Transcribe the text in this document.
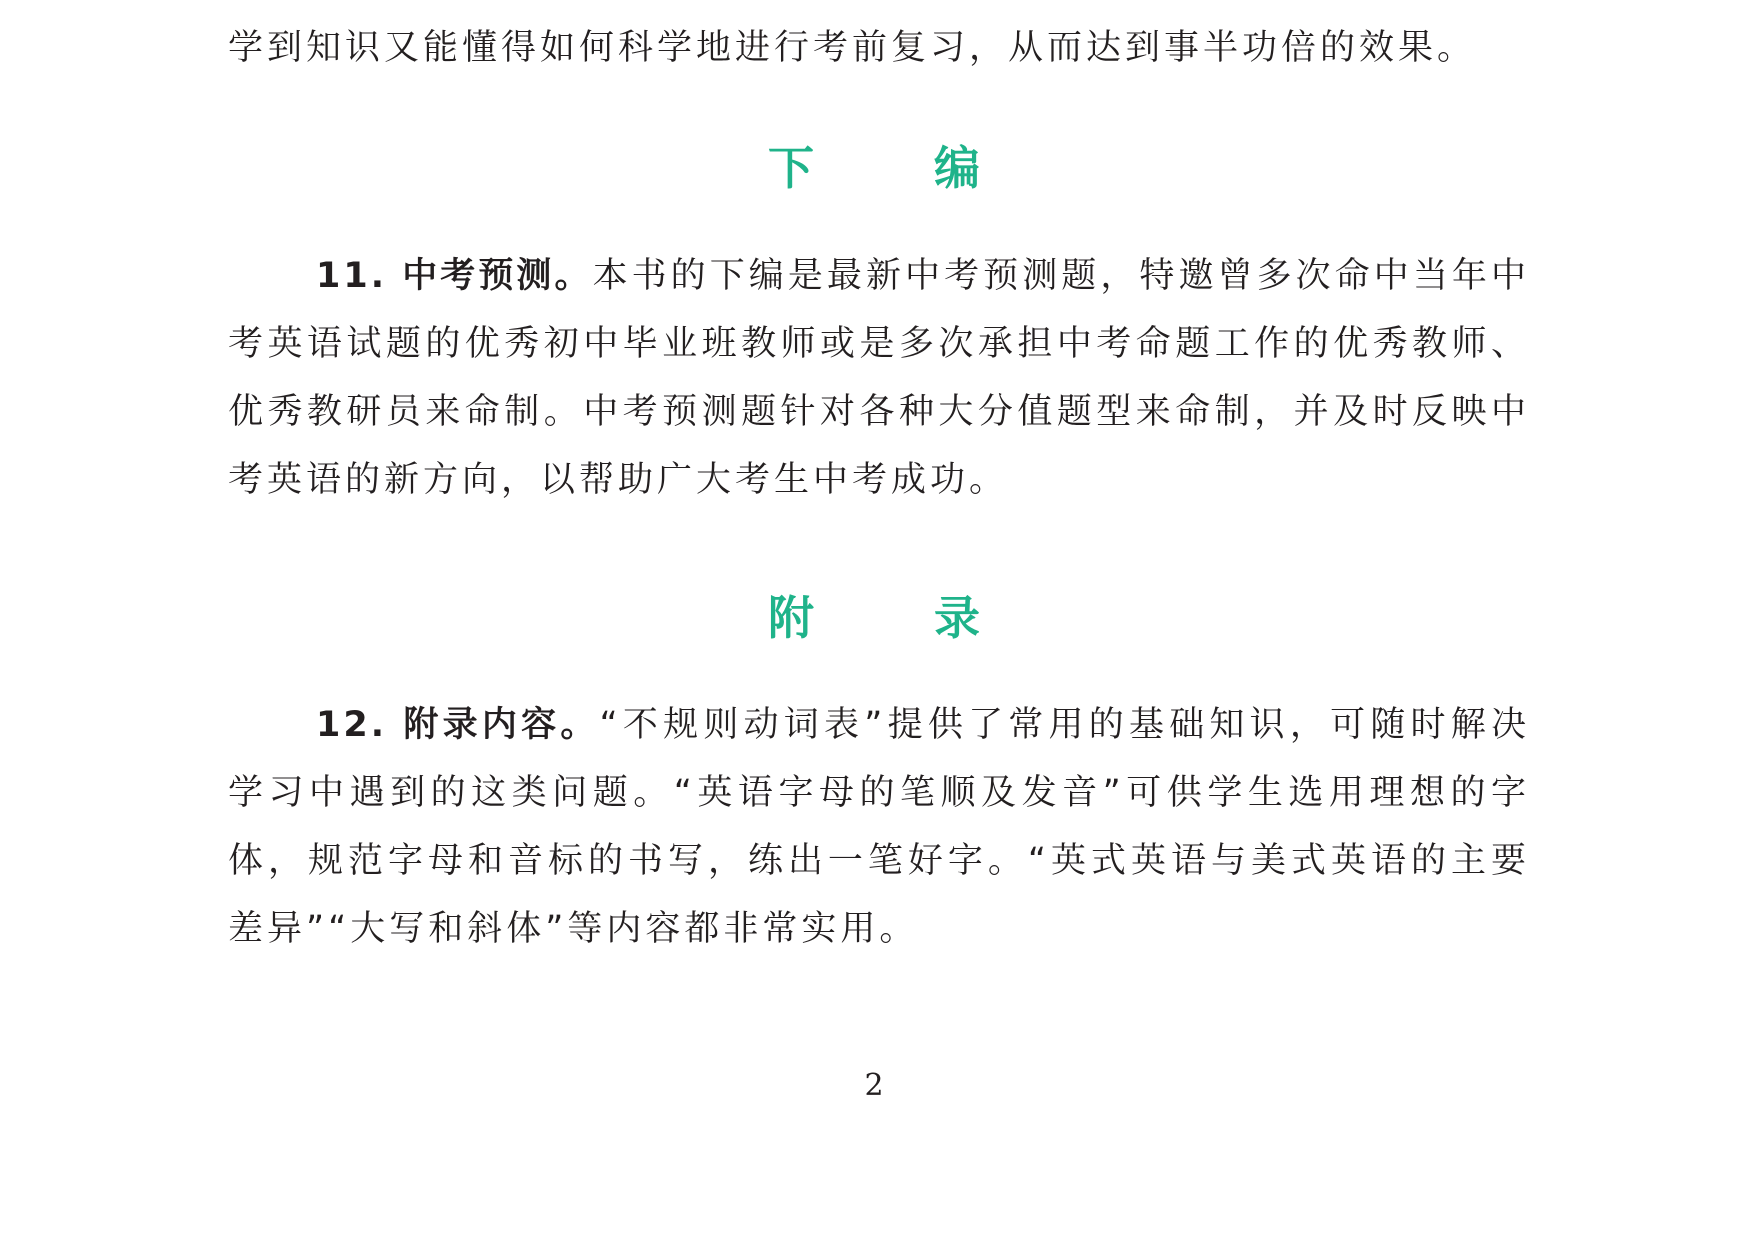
学到知识又能懂得如何科学地进行考前复习，从而达到事半功倍的效果。

下 编

11. 中考预测。本书的下编是最新中考预测题，特邀曾多次命中当年中考英语试题的优秀初中毕业班教师或是多次承担中考命题工作的优秀教师、优秀教研员来命制。中考预测题针对各种大分值题型来命制，并及时反映中考英语的新方向，以帮助广大考生中考成功。

附 录

12. 附录内容。“不规则动词表”提供了常用的基础知识，可随时解决学习中遇到的这类问题。“英语字母的笔顺及发音”可供学生选用理想的字体，规范字母和音标的书写，练出一笔好字。“英式英语与美式英语的主要差异”“大写和斜体”等内容都非常实用。

2
